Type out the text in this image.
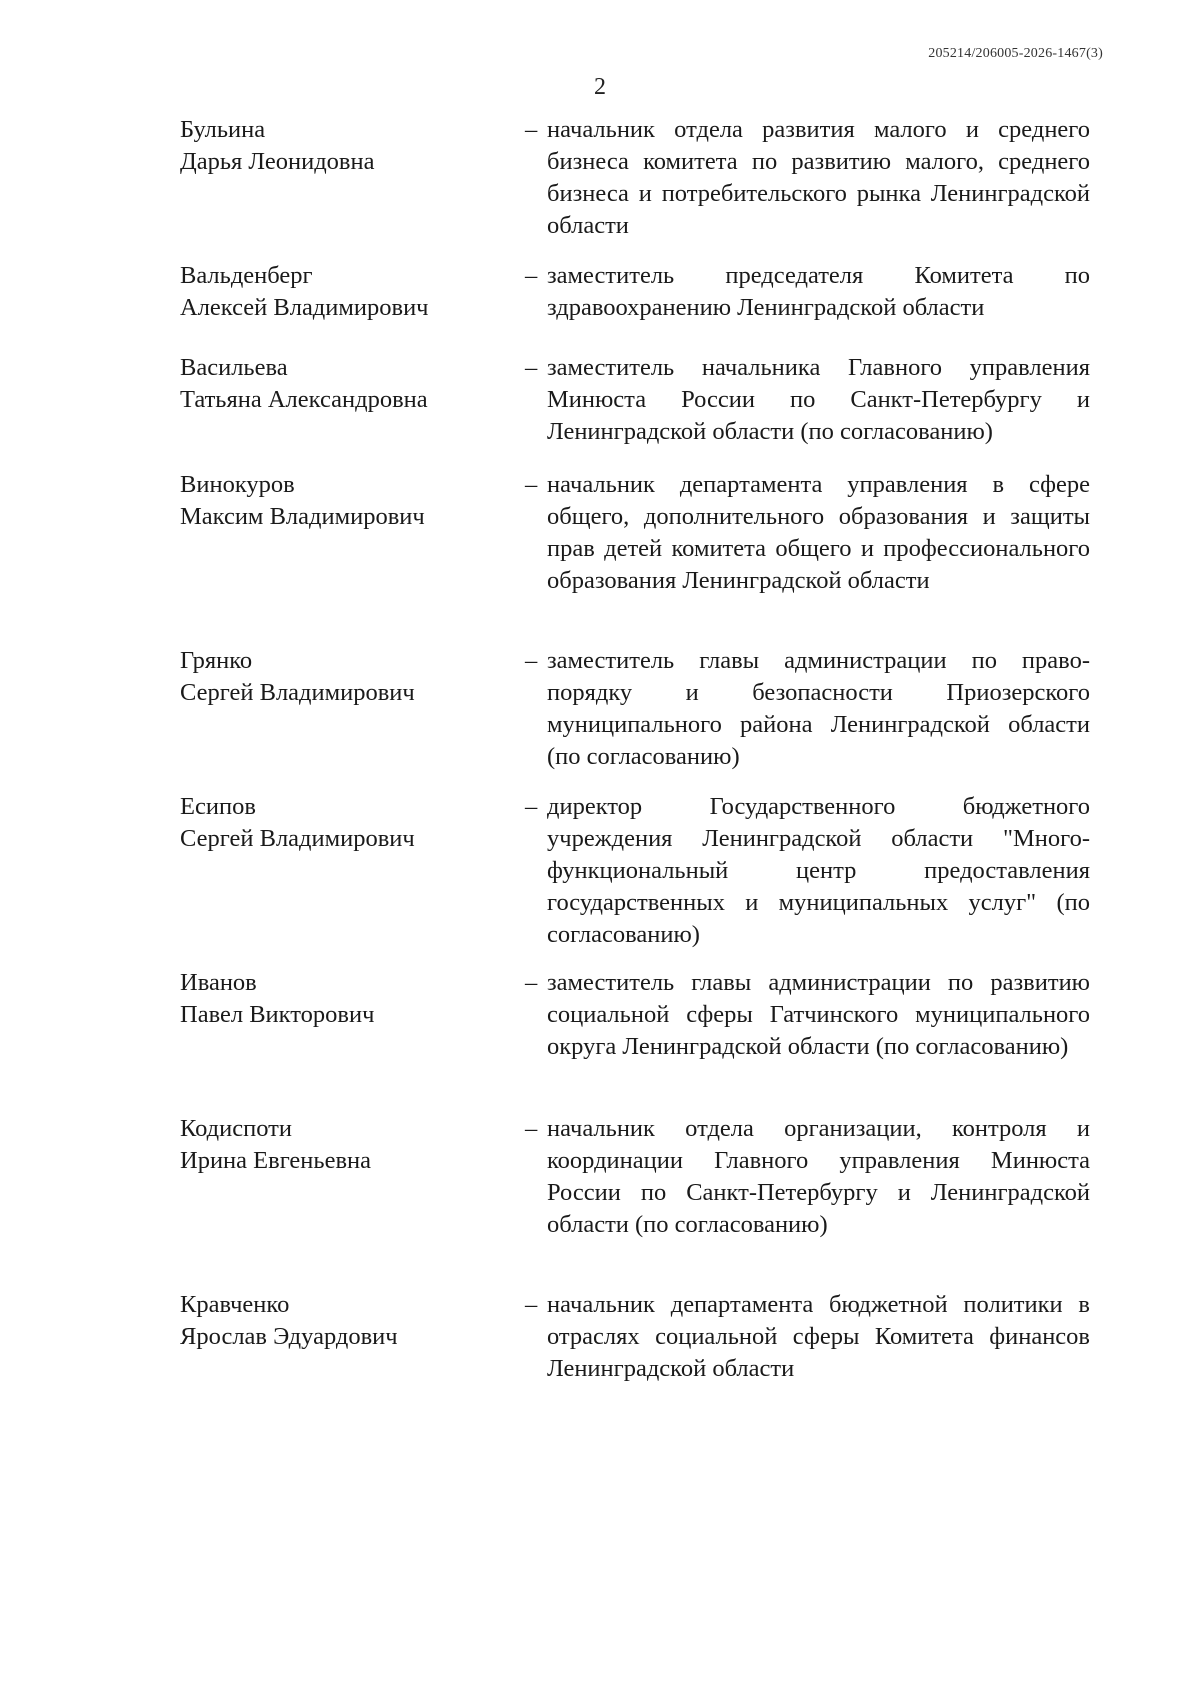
205214/206005-2026-1467(3)
2
Бульина
Дарья Леонидовна
– начальник отдела развития малого и среднего бизнеса комитета по развитию малого, среднего бизнеса и потребительского рынка Ленинградской области
Вальденберг
Алексей Владимирович
– заместитель председателя Комитета по здравоохранению Ленинградской области
Васильева
Татьяна Александровна
– заместитель начальника Главного управления Минюста России по Санкт-Петербургу и Ленинградской области (по согласованию)
Винокуров
Максим Владимирович
– начальник департамента управления в сфере общего, дополнительного образования и защиты прав детей комитета общего и профессионального образования Ленинградской области
Грянко
Сергей Владимирович
– заместитель главы администрации по правопорядку и безопасности Приозерского муниципального района Ленинградской области (по согласованию)
Есипов
Сергей Владимирович
– директор Государственного бюджетного учреждения Ленинградской области "Многофункциональный центр предоставления государственных и муниципальных услуг" (по согласованию)
Иванов
Павел Викторович
– заместитель главы администрации по развитию социальной сферы Гатчинского муниципального округа Ленинградской области (по согласованию)
Кодиспоти
Ирина Евгеньевна
– начальник отдела организации, контроля и координации Главного управления Минюста России по Санкт-Петербургу и Ленинградской области (по согласованию)
Кравченко
Ярослав Эдуардович
– начальник департамента бюджетной политики в отраслях социальной сферы Комитета финансов Ленинградской области
